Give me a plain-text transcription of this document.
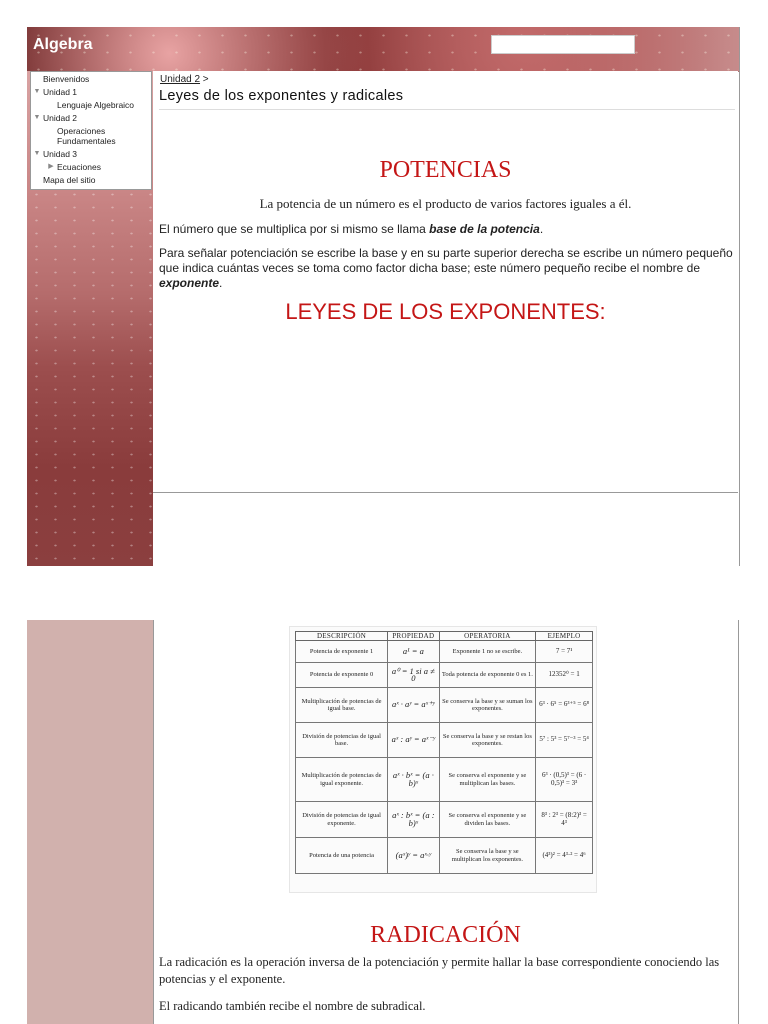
Algebra
Bienvenidos
▼ Unidad 1
Lenguaje Algebraico
▼ Unidad 2
Operaciones Fundamentales
▼ Unidad 3
▶ Ecuaciones
Mapa del sitio
Unidad 2 >
Leyes de los exponentes y radicales
POTENCIAS
La potencia de un número es el producto de varios factores iguales a él.
El número que se multiplica por si mismo se llama base de la potencia.
Para señalar potenciación se escribe la base y en su parte superior derecha se escribe un número pequeño que indica cuántas veces se toma como factor dicha base; este número pequeño recibe el nombre de exponente.
LEYES DE LOS EXPONENTES:
DESCRIPCIÓN	PROPIEDAD	OPERATORIA	EJEMPLO
Potencia de exponente 1	a¹ = a	Exponente 1 no se escribe.	7 = 7¹
Potencia de exponente 0	a⁰ = 1 si a ≠ 0	Toda potencia de exponente 0 es 1.	12352⁰ = 1
Multiplicación de potencias de igual base.	aˣ · aʸ = aˣ⁺ʸ	Se conserva la base y se suman los exponentes.	6³ · 6⁵ = 6³⁺⁵ = 6⁸
División de potencias de igual base.	aˣ : aʸ = aˣ⁻ʸ	Se conserva la base y se restan los exponentes.	5⁷ : 5³ = 5⁷⁻³ = 5⁴
Multiplicación de potencias de igual exponente.	aˣ · bˣ = (a · b)ˣ	Se conserva el exponente y se multiplican las bases.	6³ · (0,5)³ = (6 · 0,5)³ = 3³
División de potencias de igual exponente.	aˣ : bˣ = (a : b)ˣ	Se conserva el exponente y se dividen las bases.	8³ : 2³ = (8:2)³ = 4³
Potencia de una potencia	(aˣ)ʸ = aˣ·ʸ	Se conserva la base y se multiplican los exponentes.	(4³)² = 4³·² = 4⁶
RADICACIÓN
La radicación es la operación inversa de la potenciación y permite hallar la base correspondiente conociendo las potencias y el exponente.
El radicando también recibe el nombre de subradical.
